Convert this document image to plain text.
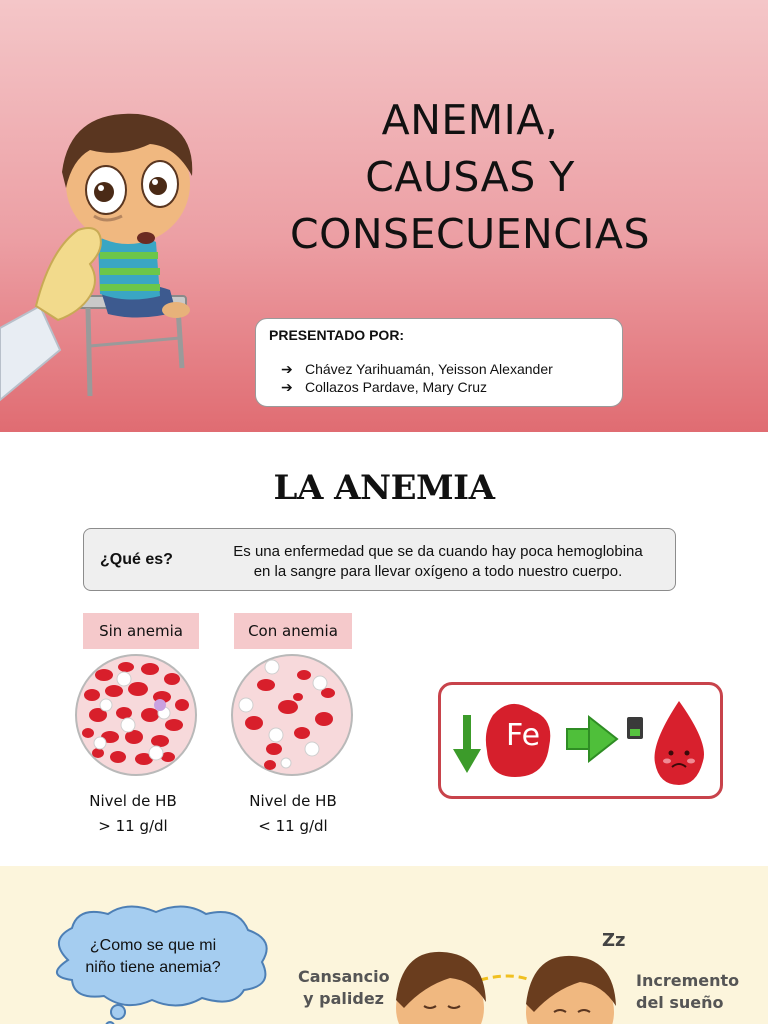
ANEMIA,
CAUSAS Y
CONSECUENCIAS
PRESENTADO POR:
➔ Chávez Yarihuamán, Yeisson Alexander
➔ Collazos Pardave, Mary Cruz
LA ANEMIA
¿Qué es?	Es una enfermedad que se da cuando hay poca hemoglobina
en la sangre para llevar oxígeno a todo nuestro cuerpo.
Sin anemia
Nivel de HB
> 11 g/dl
Con anemia
Nivel de HB
< 11 g/dl
Fe
¿Como se que mi
niño tiene anemia?	Cansancio
y palidez
Zz
Incremento
del sueño
